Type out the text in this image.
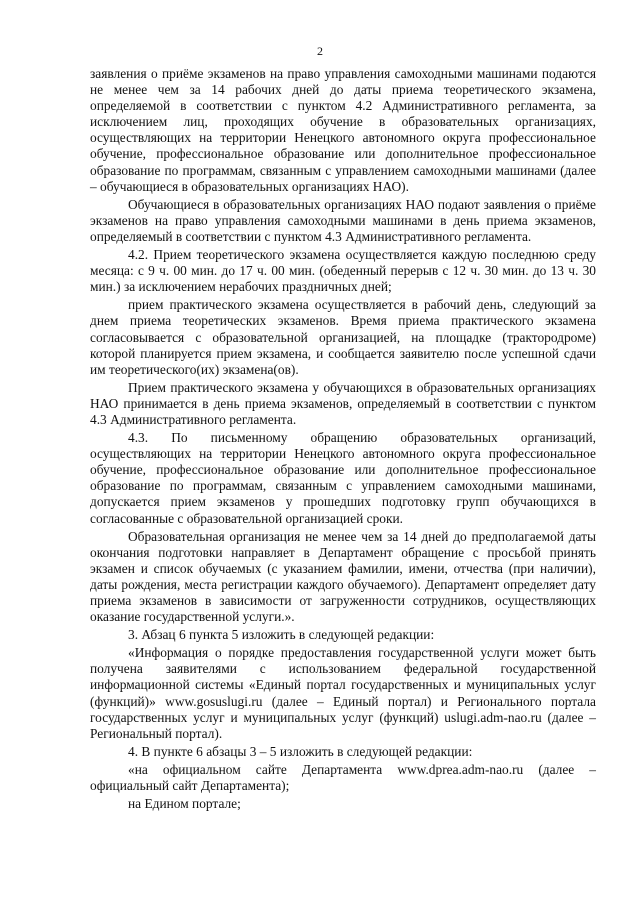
2

заявления о приёме экзаменов на право управления самоходными машинами подаются не менее чем за 14 рабочих дней до даты приема теоретического экзамена, определяемой в соответствии с пунктом 4.2 Административного регламента, за исключением лиц, проходящих обучение в образовательных организациях, осуществляющих на территории Ненецкого автономного округа профессиональное обучение, профессиональное образование или дополнительное профессиональное образование по программам, связанным с управлением самоходными машинами (далее – обучающиеся в образовательных организациях НАО).

Обучающиеся в образовательных организациях НАО подают заявления о приёме экзаменов на право управления самоходными машинами в день приема экзаменов, определяемый в соответствии с пунктом 4.3 Административного регламента.

4.2. Прием теоретического экзамена осуществляется каждую последнюю среду месяца: с 9 ч. 00 мин. до 17 ч. 00 мин. (обеденный перерыв с 12 ч. 30 мин. до 13 ч. 30 мин.) за исключением нерабочих праздничных дней;

прием практического экзамена осуществляется в рабочий день, следующий за днем приема теоретических экзаменов. Время приема практического экзамена согласовывается с образовательной организацией, на площадке (трактородроме) которой планируется прием экзамена, и сообщается заявителю после успешной сдачи им теоретического(их) экзамена(ов).

Прием практического экзамена у обучающихся в образовательных организациях НАО принимается в день приема экзаменов, определяемый в соответствии с пунктом 4.3 Административного регламента.

4.3. По письменному обращению образовательных организаций, осуществляющих на территории Ненецкого автономного округа профессиональное обучение, профессиональное образование или дополнительное профессиональное образование по программам, связанным с управлением самоходными машинами, допускается прием экзаменов у прошедших подготовку групп обучающихся в согласованные с образовательной организацией сроки.

Образовательная организация не менее чем за 14 дней до предполагаемой даты окончания подготовки направляет в Департамент обращение с просьбой принять экзамен и список обучаемых (с указанием фамилии, имени, отчества (при наличии), даты рождения, места регистрации каждого обучаемого). Департамент определяет дату приема экзаменов в зависимости от загруженности сотрудников, осуществляющих оказание государственной услуги.».

3. Абзац 6 пункта 5 изложить в следующей редакции:

«Информация о порядке предоставления государственной услуги может быть получена заявителями с использованием федеральной государственной информационной системы «Единый портал государственных и муниципальных услуг (функций)» www.gosuslugi.ru (далее – Единый портал) и Регионального портала государственных услуг и муниципальных услуг (функций) uslugi.adm-nao.ru (далее – Региональный портал).

4. В пункте 6 абзацы 3 – 5 изложить в следующей редакции:

«на официальном сайте Департамента www.dprea.adm-nao.ru (далее – официальный сайт Департамента);

на Едином портале;
